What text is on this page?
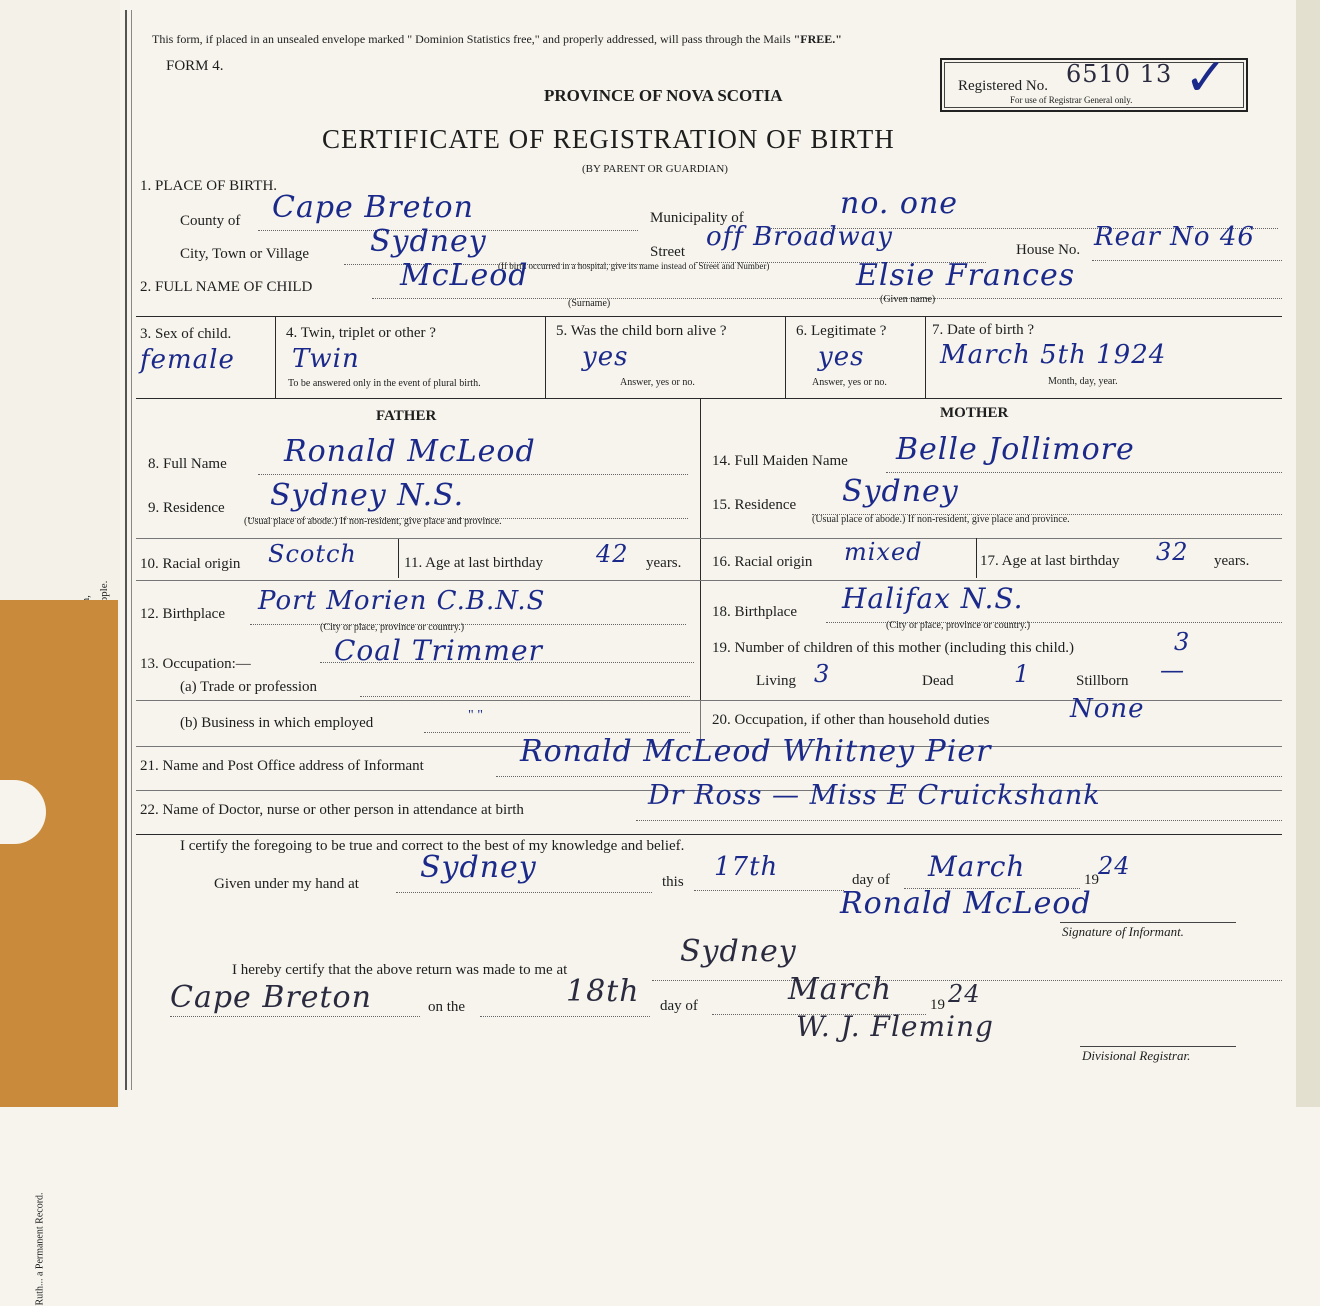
Ruth... a Permanent Record.
This form, if placed in an unsealed envelope marked " Dominion Statistics free," and properly addressed, will pass through the Mails "FREE."
FORM 4.
PROVINCE OF NOVA SCOTIA
CERTIFICATE OF REGISTRATION OF BIRTH
(BY PARENT OR GUARDIAN)
Registered No. 6510 13 ✓
For use of Registrar General only.
1. PLACE OF BIRTH.
County of Cape Breton	Municipality of	no. one
City, Town or Village Sydney	Street off Broadway	House No. Rear No 46
(If birth occurred in a hospital, give its name instead of Street and Number)
2. FULL NAME OF CHILD	McLeod
(Surname)
Elsie Frances
(Given name)
3. Sex of child.
female
4. Twin, triplet or other ?
Twin
To be answered only in the event of plural birth.
5. Was the child born alive ?
yes
Answer, yes or no.
6. Legitimate ?
yes
Answer, yes or no.
7. Date of birth ?
March 5th 1924
Month, day, year.
FATHER	MOTHER
8. Full Name Ronald McLeod
9. Residence Sydney N.S.
(Usual place of abode.) If non-resident, give place and province.
10. Racial origin Scotch	11. Age at last birthday 42 years.
12. Birthplace Port Morien C.B.N.S
(City or place, province or country.)
13. Occupation:—	Coal Trimmer
(a) Trade or profession
(b) Business in which employed	" "
14. Full Maiden Name Belle Jollimore
15. Residence Sydney
(Usual place of abode.) If non-resident, give place and province.
16. Racial origin mixed	17. Age at last birthday 32 years.
18. Birthplace Halifax N.S.
(City or place, province or country.)
19. Number of children of this mother (including this child.)	3
Living 3	Dead	1	Stillborn —
20. Occupation, if other than household duties	None
21. Name and Post Office address of Informant	Ronald McLeod Whitney Pier
22. Name of Doctor, nurse or other person in attendance at birth	Dr Ross — Miss E Cruickshank
I certify the foregoing to be true and correct to the best of my knowledge and belief.
Given under my hand at Sydney	this 17th	day of March	19 24
Ronald McLeod
Signature of Informant.
I hereby certify that the above return was made to me at
Sydney
Cape Breton	on the	18th day of	March	19 24
W. J. Fleming
Divisional Registrar.
